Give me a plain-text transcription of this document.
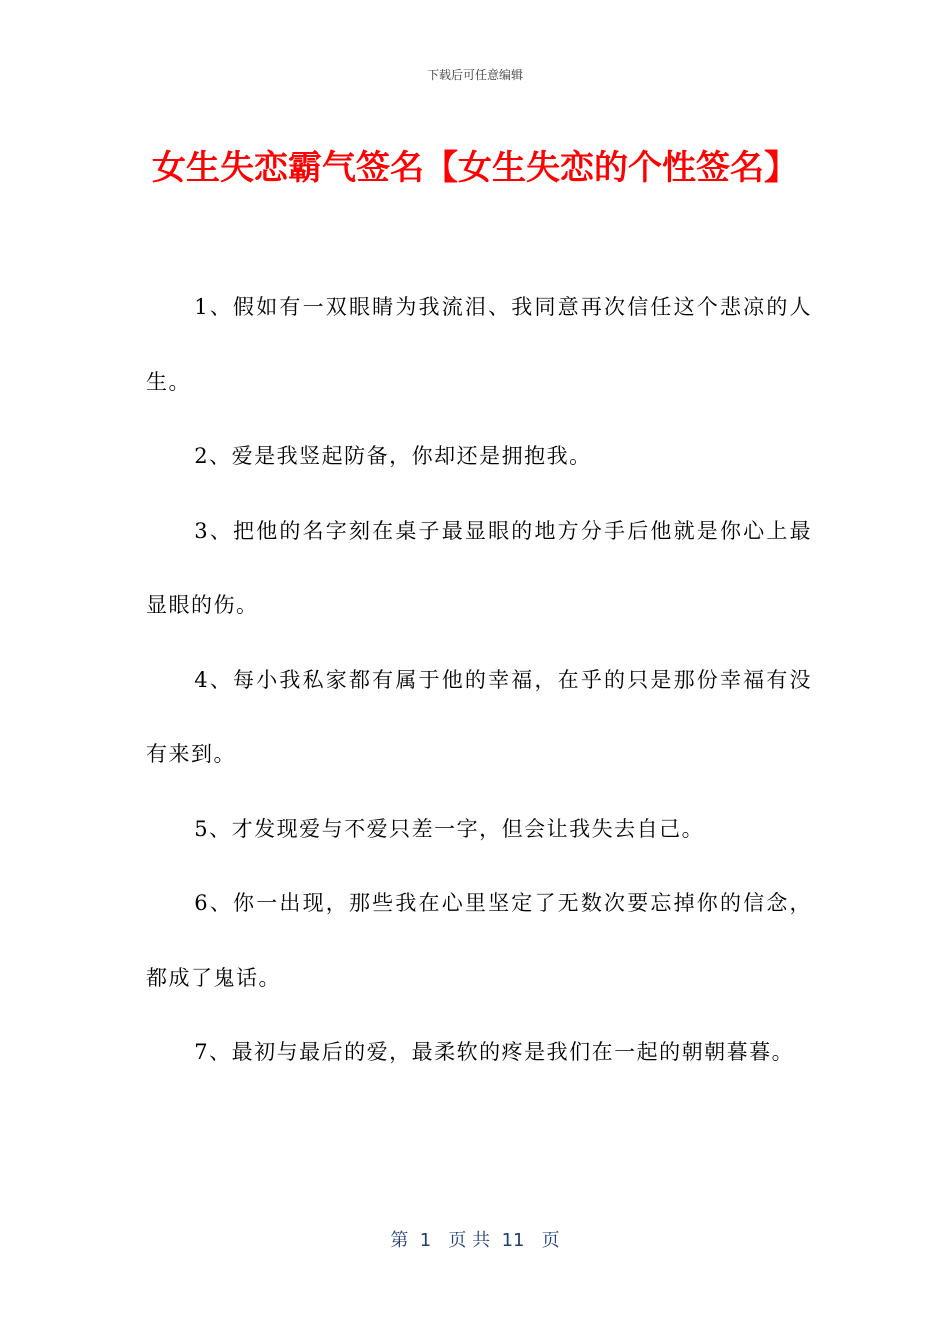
下载后可任意编辑
女生失恋霸气签名【女生失恋的个性签名】

1、假如有一双眼睛为我流泪、我同意再次信任这个悲凉的人生。

2、爱是我竖起防备，你却还是拥抱我。

3、把他的名字刻在桌子最显眼的地方分手后他就是你心上最显眼的伤。

4、每小我私家都有属于他的幸福，在乎的只是那份幸福有没有来到。

5、才发现爱与不爱只差一字，但会让我失去自己。

6、你一出现，那些我在心里坚定了无数次要忘掉你的信念，都成了鬼话。

7、最初与最后的爱，最柔软的疼是我们在一起的朝朝暮暮。

第  1   页 共  11   页
